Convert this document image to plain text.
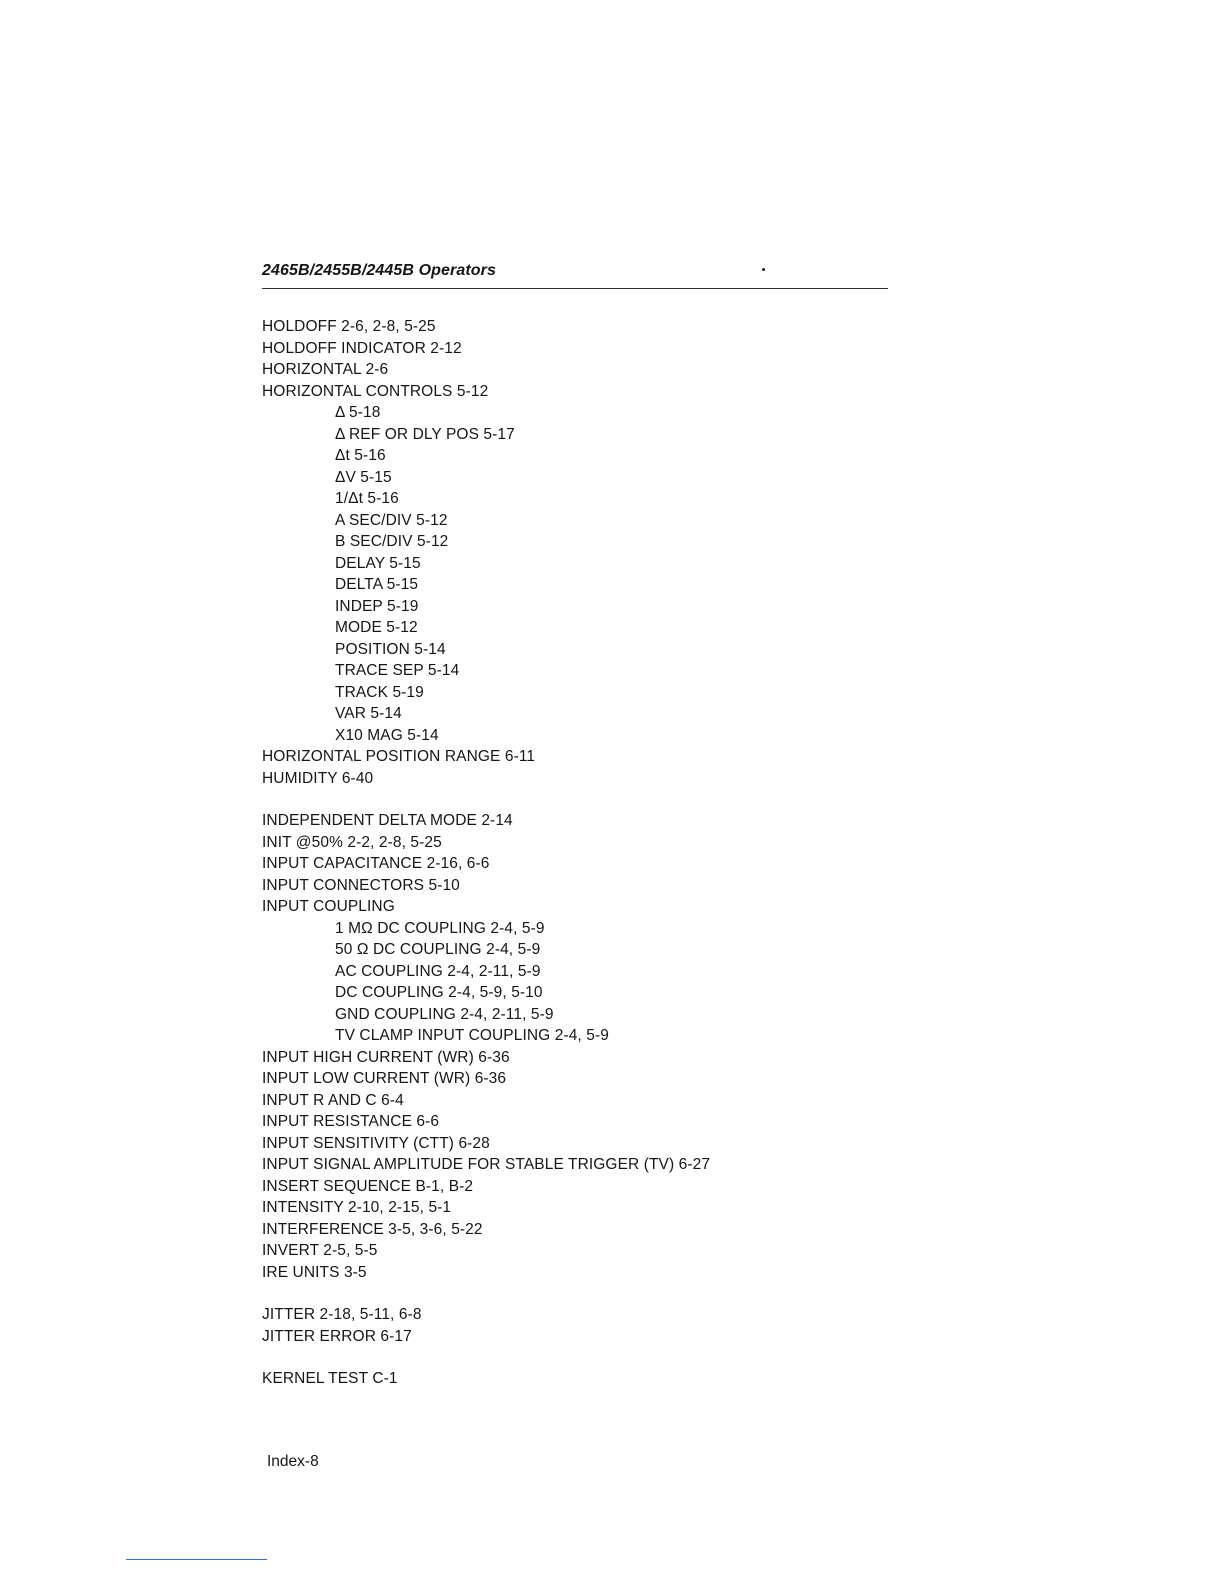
2465B/2455B/2445B Operators
HOLDOFF 2-6, 2-8, 5-25
HOLDOFF INDICATOR 2-12
HORIZONTAL 2-6
HORIZONTAL CONTROLS 5-12
Δ 5-18
Δ REF OR DLY POS 5-17
Δt 5-16
ΔV 5-15
1/Δt 5-16
A SEC/DIV 5-12
B SEC/DIV 5-12
DELAY 5-15
DELTA 5-15
INDEP 5-19
MODE 5-12
POSITION 5-14
TRACE SEP 5-14
TRACK 5-19
VAR 5-14
X10 MAG 5-14
HORIZONTAL POSITION RANGE 6-11
HUMIDITY 6-40
INDEPENDENT DELTA MODE 2-14
INIT @50% 2-2, 2-8, 5-25
INPUT CAPACITANCE 2-16, 6-6
INPUT CONNECTORS 5-10
INPUT COUPLING
1 MΩ DC COUPLING 2-4, 5-9
50 Ω DC COUPLING 2-4, 5-9
AC COUPLING 2-4, 2-11, 5-9
DC COUPLING 2-4, 5-9, 5-10
GND COUPLING 2-4, 2-11, 5-9
TV CLAMP INPUT COUPLING 2-4, 5-9
INPUT HIGH CURRENT (WR) 6-36
INPUT LOW CURRENT (WR) 6-36
INPUT R AND C 6-4
INPUT RESISTANCE 6-6
INPUT SENSITIVITY (CTT) 6-28
INPUT SIGNAL AMPLITUDE FOR STABLE TRIGGER (TV) 6-27
INSERT SEQUENCE B-1, B-2
INTENSITY 2-10, 2-15, 5-1
INTERFERENCE 3-5, 3-6, 5-22
INVERT 2-5, 5-5
IRE UNITS 3-5
JITTER 2-18, 5-11, 6-8
JITTER ERROR 6-17
KERNEL TEST C-1
Index-8
